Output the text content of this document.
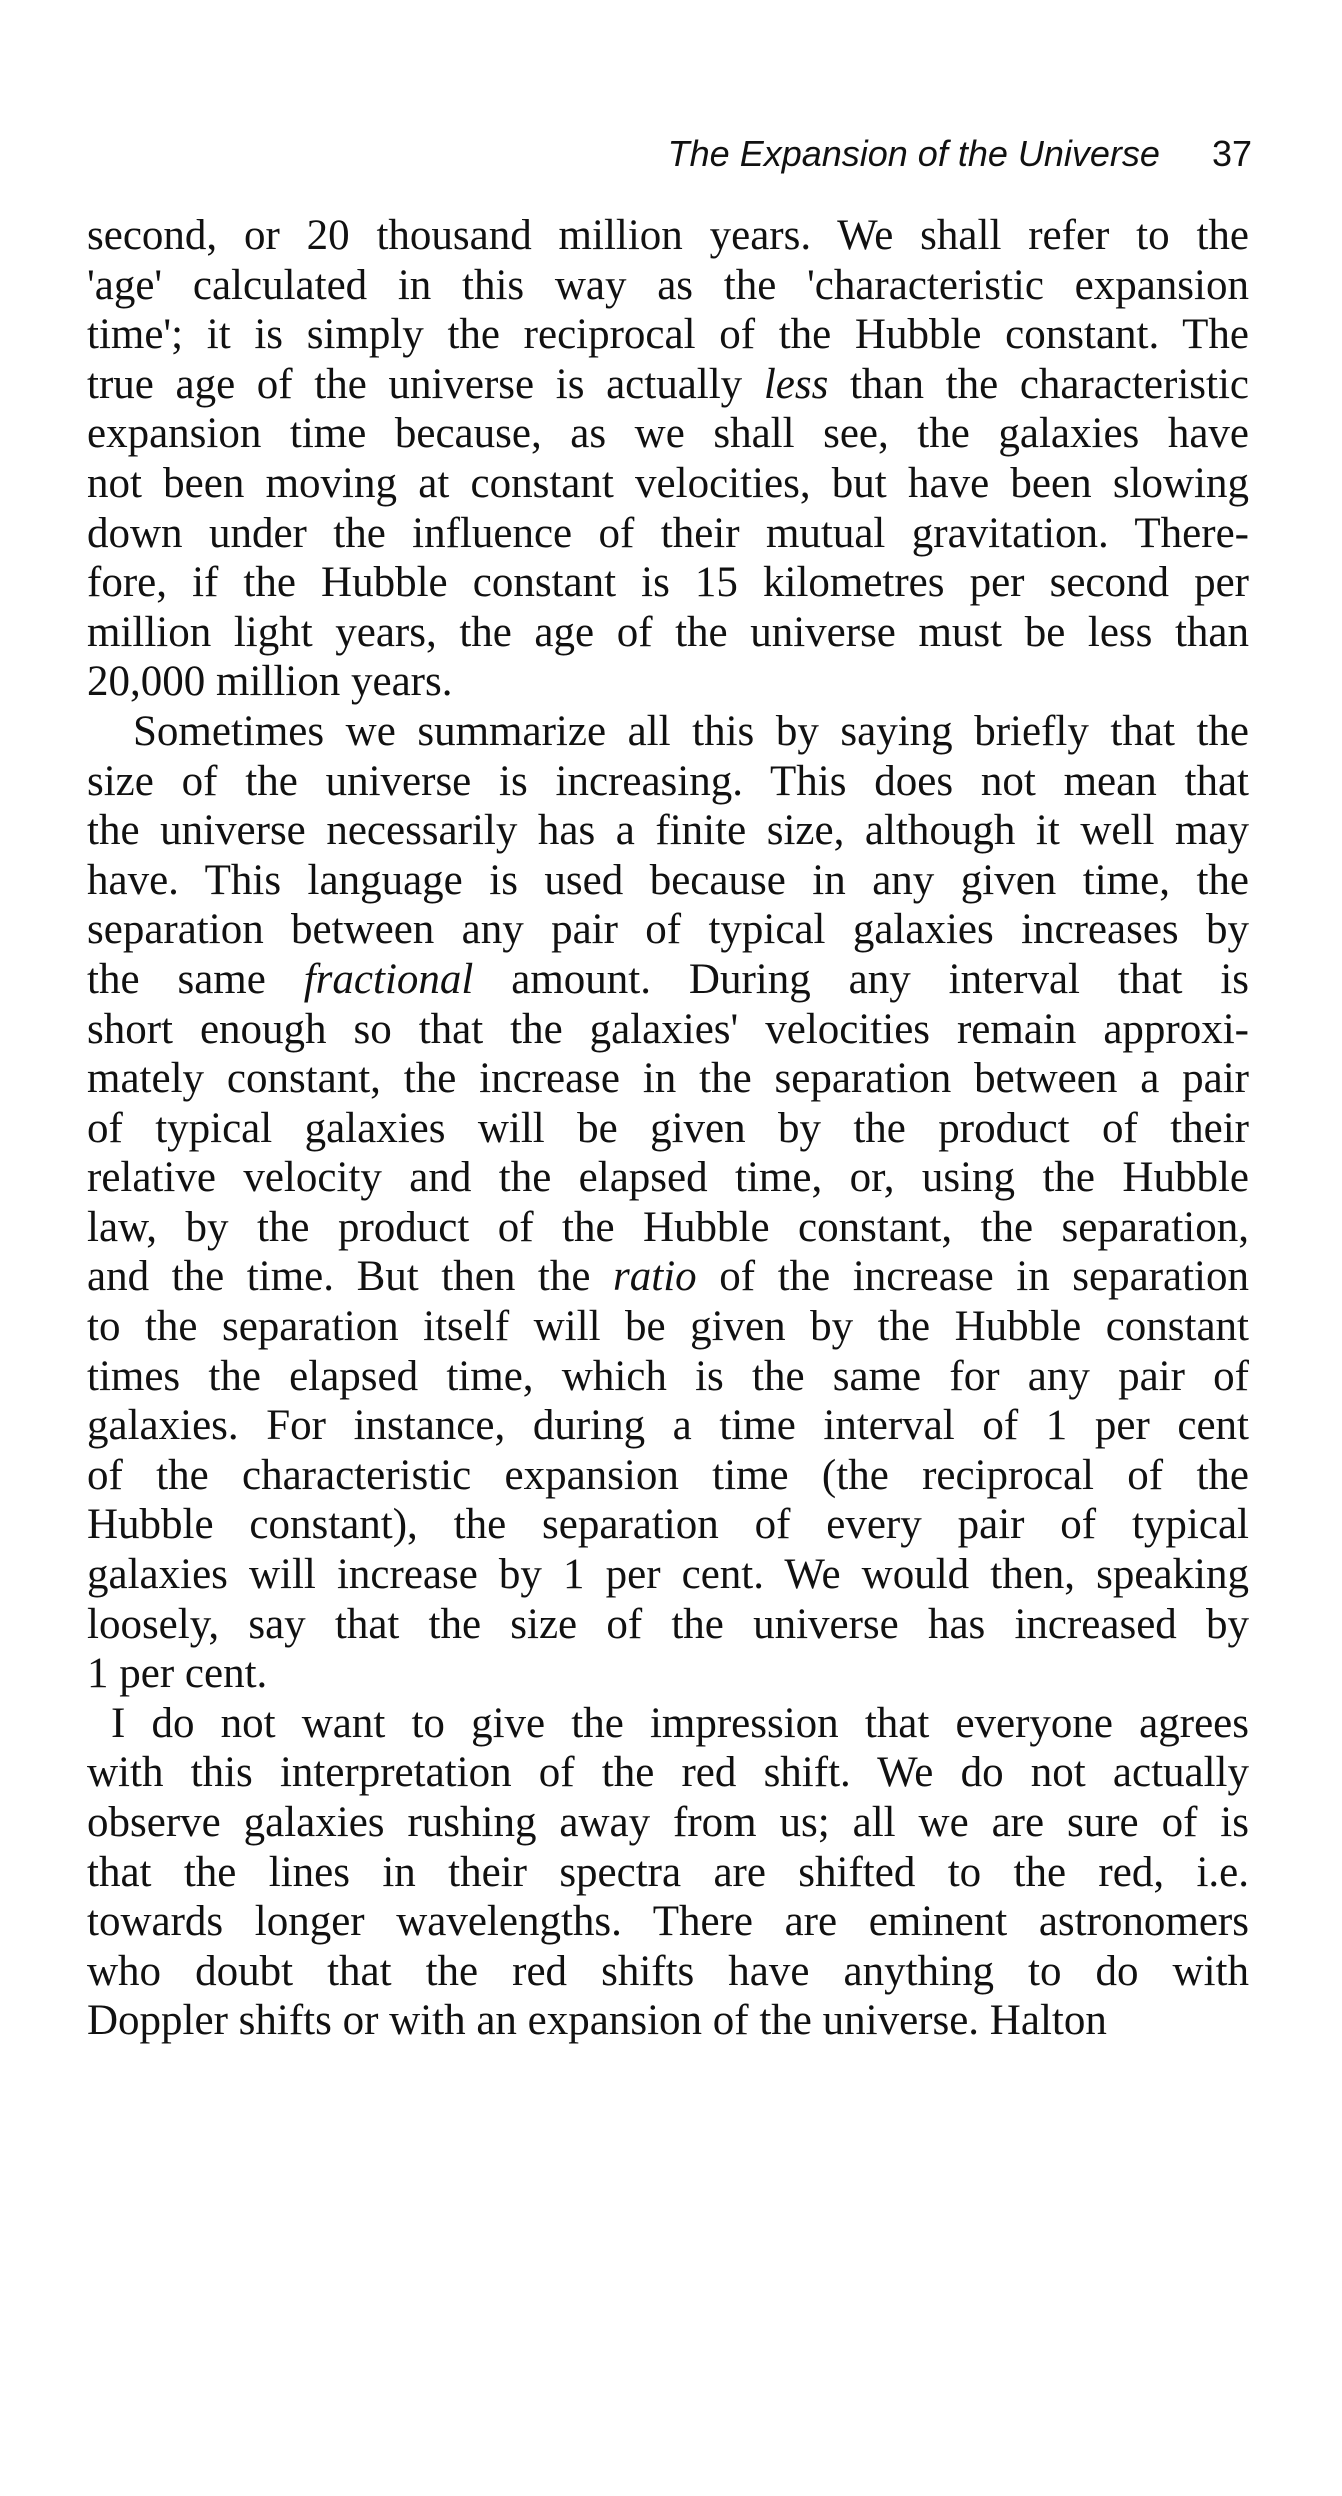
The Expansion of the Universe 37
second, or 20 thousand million years. We shall refer to the
'age' calculated in this way as the 'characteristic expansion
time'; it is simply the reciprocal of the Hubble constant. The
true age of the universe is actually less than the characteristic
expansion time because, as we shall see, the galaxies have
not been moving at constant velocities, but have been slowing
down under the influence of their mutual gravitation. There-
fore, if the Hubble constant is 15 kilometres per second per
million light years, the age of the universe must be less than
20,000 million years.
Sometimes we summarize all this by saying briefly that the
size of the universe is increasing. This does not mean that
the universe necessarily has a finite size, although it well may
have. This language is used because in any given time, the
separation between any pair of typical galaxies increases by
the same fractional amount. During any interval that is
short enough so that the galaxies' velocities remain approxi-
mately constant, the increase in the separation between a pair
of typical galaxies will be given by the product of their
relative velocity and the elapsed time, or, using the Hubble
law, by the product of the Hubble constant, the separation,
and the time. But then the ratio of the increase in separation
to the separation itself will be given by the Hubble constant
times the elapsed time, which is the same for any pair of
galaxies. For instance, during a time interval of 1 per cent
of the characteristic expansion time (the reciprocal of the
Hubble constant), the separation of every pair of typical
galaxies will increase by 1 per cent. We would then, speaking
loosely, say that the size of the universe has increased by
1 per cent.
I do not want to give the impression that everyone agrees
with this interpretation of the red shift. We do not actually
observe galaxies rushing away from us; all we are sure of is
that the lines in their spectra are shifted to the red, i.e.
towards longer wavelengths. There are eminent astronomers
who doubt that the red shifts have anything to do with
Doppler shifts or with an expansion of the universe. Halton
